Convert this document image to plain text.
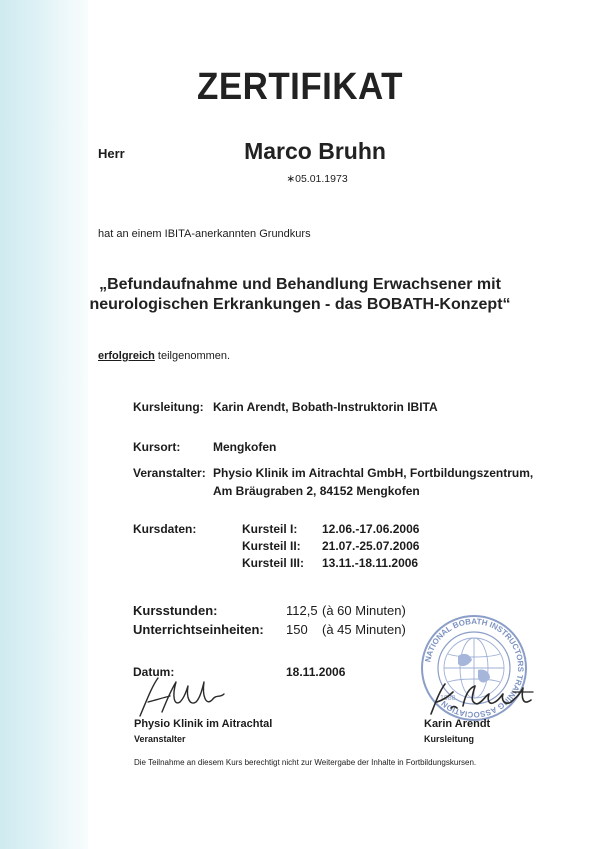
ZERTIFIKAT
Herr	Marco Bruhn
∗05.01.1973
hat an einem IBITA-anerkannten Grundkurs
„Befundaufnahme und Behandlung Erwachsener mit
neurologischen Erkrankungen - das BOBATH-Konzept“
erfolgreich teilgenommen.
Kursleitung: Karin Arendt, Bobath-Instruktorin IBITA
Kursort:	Mengkofen
Veranstalter: Physio Klinik im Aitrachtal GmbH, Fortbildungszentrum,
Am Bräugraben 2, 84152 Mengkofen
Kursdaten:	Kursteil I: 12.06.-17.06.2006
Kursteil II: 21.07.-25.07.2006
Kursteil III: 13.11.-18.11.2006
Kursstunden:	112,5 (à 60 Minuten)
Unterrichtseinheiten: 150 (à 45 Minuten)
Datum:	18.11.2006
Physio Klinik im Aitrachtal
Veranstalter
NATIONAL BOBATH INSTRUCTORS TRAINING ASSOCIATION
1988
Karin Arendt
Kursleitung
Die Teilnahme an diesem Kurs berechtigt nicht zur Weitergabe der Inhalte in Fortbildungskursen.
